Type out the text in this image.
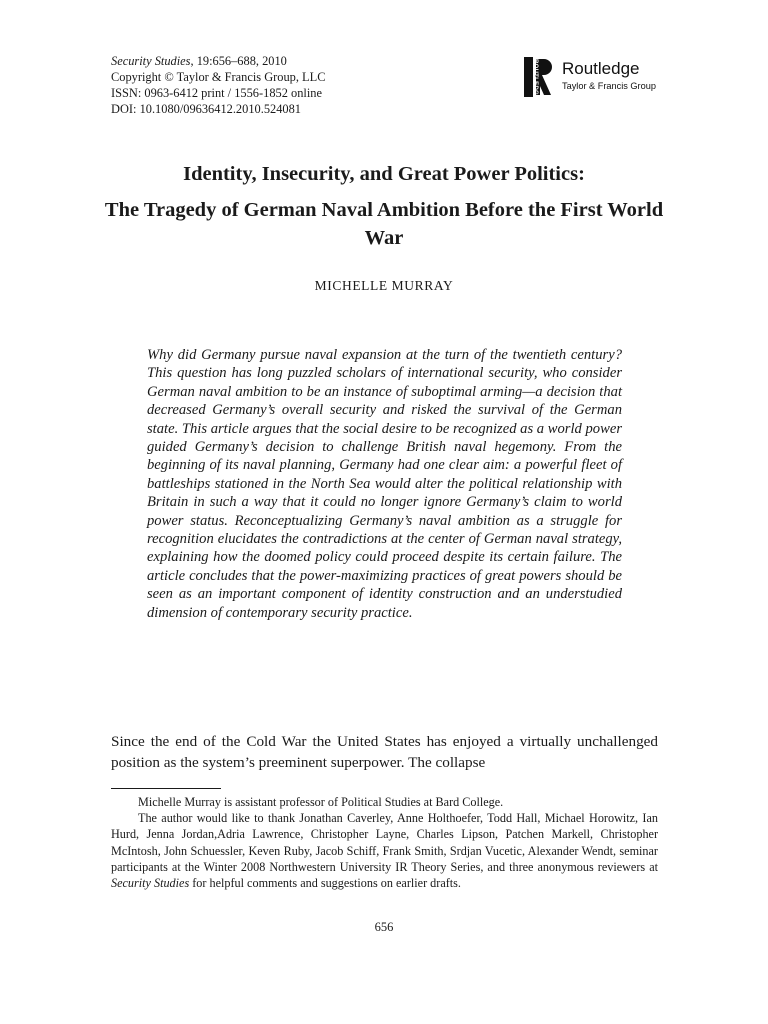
Security Studies, 19:656–688, 2010
Copyright © Taylor & Francis Group, LLC
ISSN: 0963-6412 print / 1556-1852 online
DOI: 10.1080/09636412.2010.524081
ROUTLEDGE Routledge
Taylor & Francis Group
Identity, Insecurity, and Great Power Politics:
The Tragedy of German Naval Ambition Before the First World War
MICHELLE MURRAY
Why did Germany pursue naval expansion at the turn of the twentieth century? This question has long puzzled scholars of international security, who consider German naval ambition to be an instance of suboptimal arming—a decision that decreased Germany’s overall security and risked the survival of the German state. This article argues that the social desire to be recognized as a world power guided Germany’s decision to challenge British naval hegemony. From the beginning of its naval planning, Germany had one clear aim: a powerful fleet of battleships stationed in the North Sea would alter the political relationship with Britain in such a way that it could no longer ignore Germany’s claim to world power status. Reconceptualizing Germany’s naval ambition as a struggle for recognition elucidates the contradictions at the center of German naval strategy, explaining how the doomed policy could proceed despite its certain failure. The article concludes that the power-maximizing practices of great powers should be seen as an important component of identity construction and an understudied dimension of contemporary security practice.
Since the end of the Cold War the United States has enjoyed a virtually unchallenged position as the system’s preeminent superpower. The collapse

Michelle Murray is assistant professor of Political Studies at Bard College.

The author would like to thank Jonathan Caverley, Anne Holthoefer, Todd Hall, Michael Horowitz, Ian Hurd, Jenna Jordan,Adria Lawrence, Christopher Layne, Charles Lipson, Patchen Markell, Christopher McIntosh, John Schuessler, Keven Ruby, Jacob Schiff, Frank Smith, Srdjan Vucetic, Alexander Wendt, seminar participants at the Winter 2008 Northwestern University IR Theory Series, and three anonymous reviewers at Security Studies for helpful comments and suggestions on earlier drafts.

656
